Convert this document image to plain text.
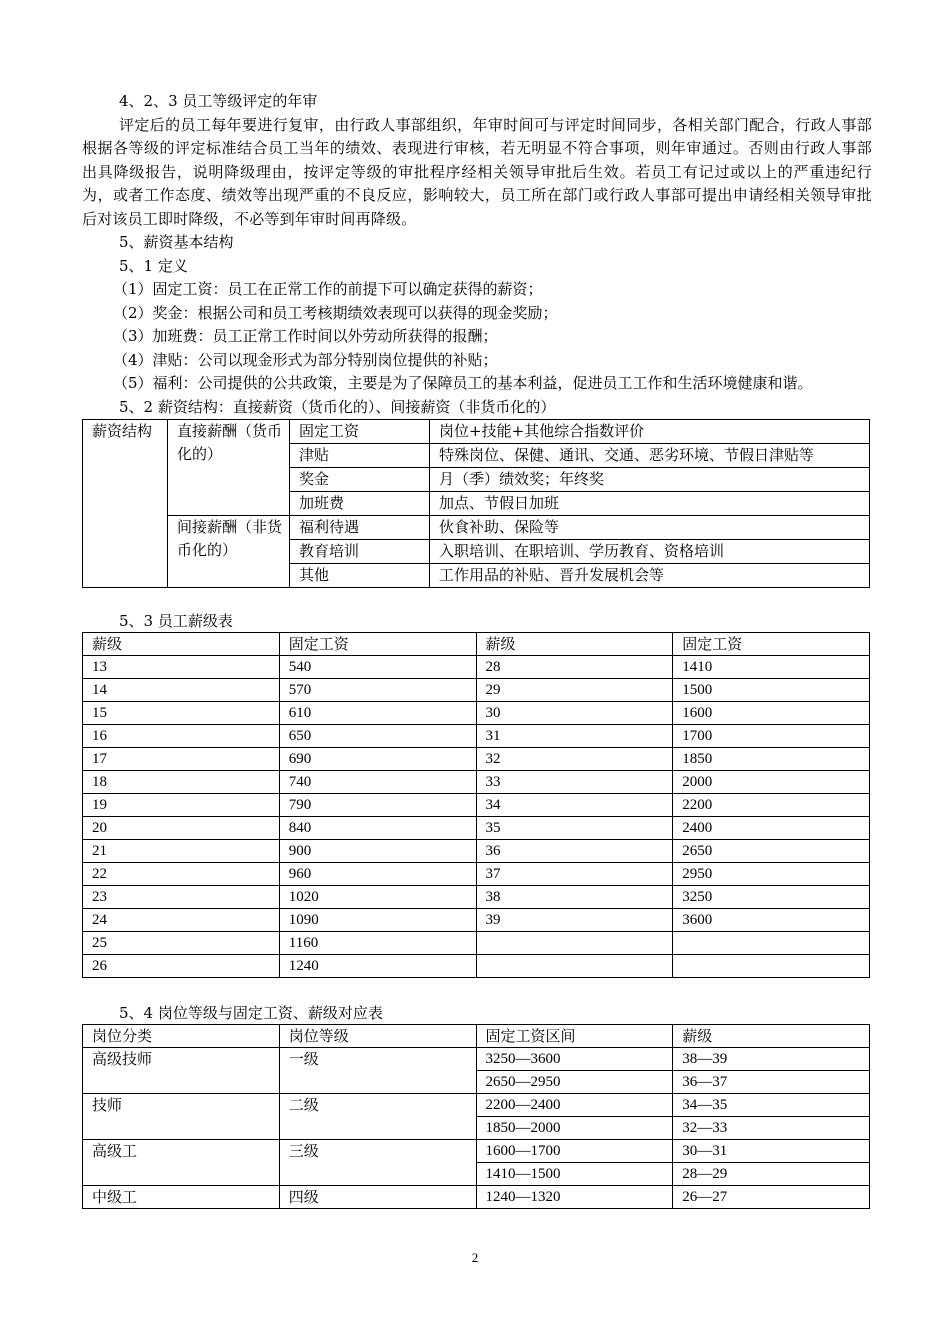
4、2、3 员工等级评定的年审
评定后的员工每年要进行复审，由行政人事部组织，年审时间可与评定时间同步，各相关部门配合，行政人事部根据各等级的评定标准结合员工当年的绩效、表现进行审核，若无明显不符合事项，则年审通过。否则由行政人事部出具降级报告，说明降级理由，按评定等级的审批程序经相关领导审批后生效。若员工有记过或以上的严重违纪行为，或者工作态度、绩效等出现严重的不良反应，影响较大，员工所在部门或行政人事部可提出申请经相关领导审批后对该员工即时降级，不必等到年审时间再降级。
5、薪资基本结构
5、1 定义
（1）固定工资：员工在正常工作的前提下可以确定获得的薪资；
（2）奖金：根据公司和员工考核期绩效表现可以获得的现金奖励；
（3）加班费：员工正常工作时间以外劳动所获得的报酬；
（4）津贴：公司以现金形式为部分特别岗位提供的补贴；
（5）福利：公司提供的公共政策，主要是为了保障员工的基本利益，促进员工工作和生活环境健康和谐。
5、2 薪资结构：直接薪资（货币化的）、间接薪资（非货币化的）
薪资结构	直接薪酬（货币化的）	固定工资	岗位+技能+其他综合指数评价
		津贴	特殊岗位、保健、通讯、交通、恶劣环境、节假日津贴等
		奖金	月（季）绩效奖；年终奖
		加班费	加点、节假日加班
	间接薪酬（非货币化的）	福利待遇	伙食补助、保险等
		教育培训	入职培训、在职培训、学历教育、资格培训
		其他	工作用品的补贴、晋升发展机会等
5、3 员工薪级表
薪级	固定工资	薪级	固定工资
13	540	28	1410
14	570	29	1500
15	610	30	1600
16	650	31	1700
17	690	32	1850
18	740	33	2000
19	790	34	2200
20	840	35	2400
21	900	36	2650
22	960	37	2950
23	1020	38	3250
24	1090	39	3600
25	1160		
26	1240		
5、4 岗位等级与固定工资、薪级对应表
岗位分类	岗位等级	固定工资区间	薪级
高级技师	一级	3250—3600	38—39
		2650—2950	36—37
技师	二级	2200—2400	34—35
		1850—2000	32—33
高级工	三级	1600—1700	30—31
		1410—1500	28—29
中级工	四级	1240—1320	26—27
2
